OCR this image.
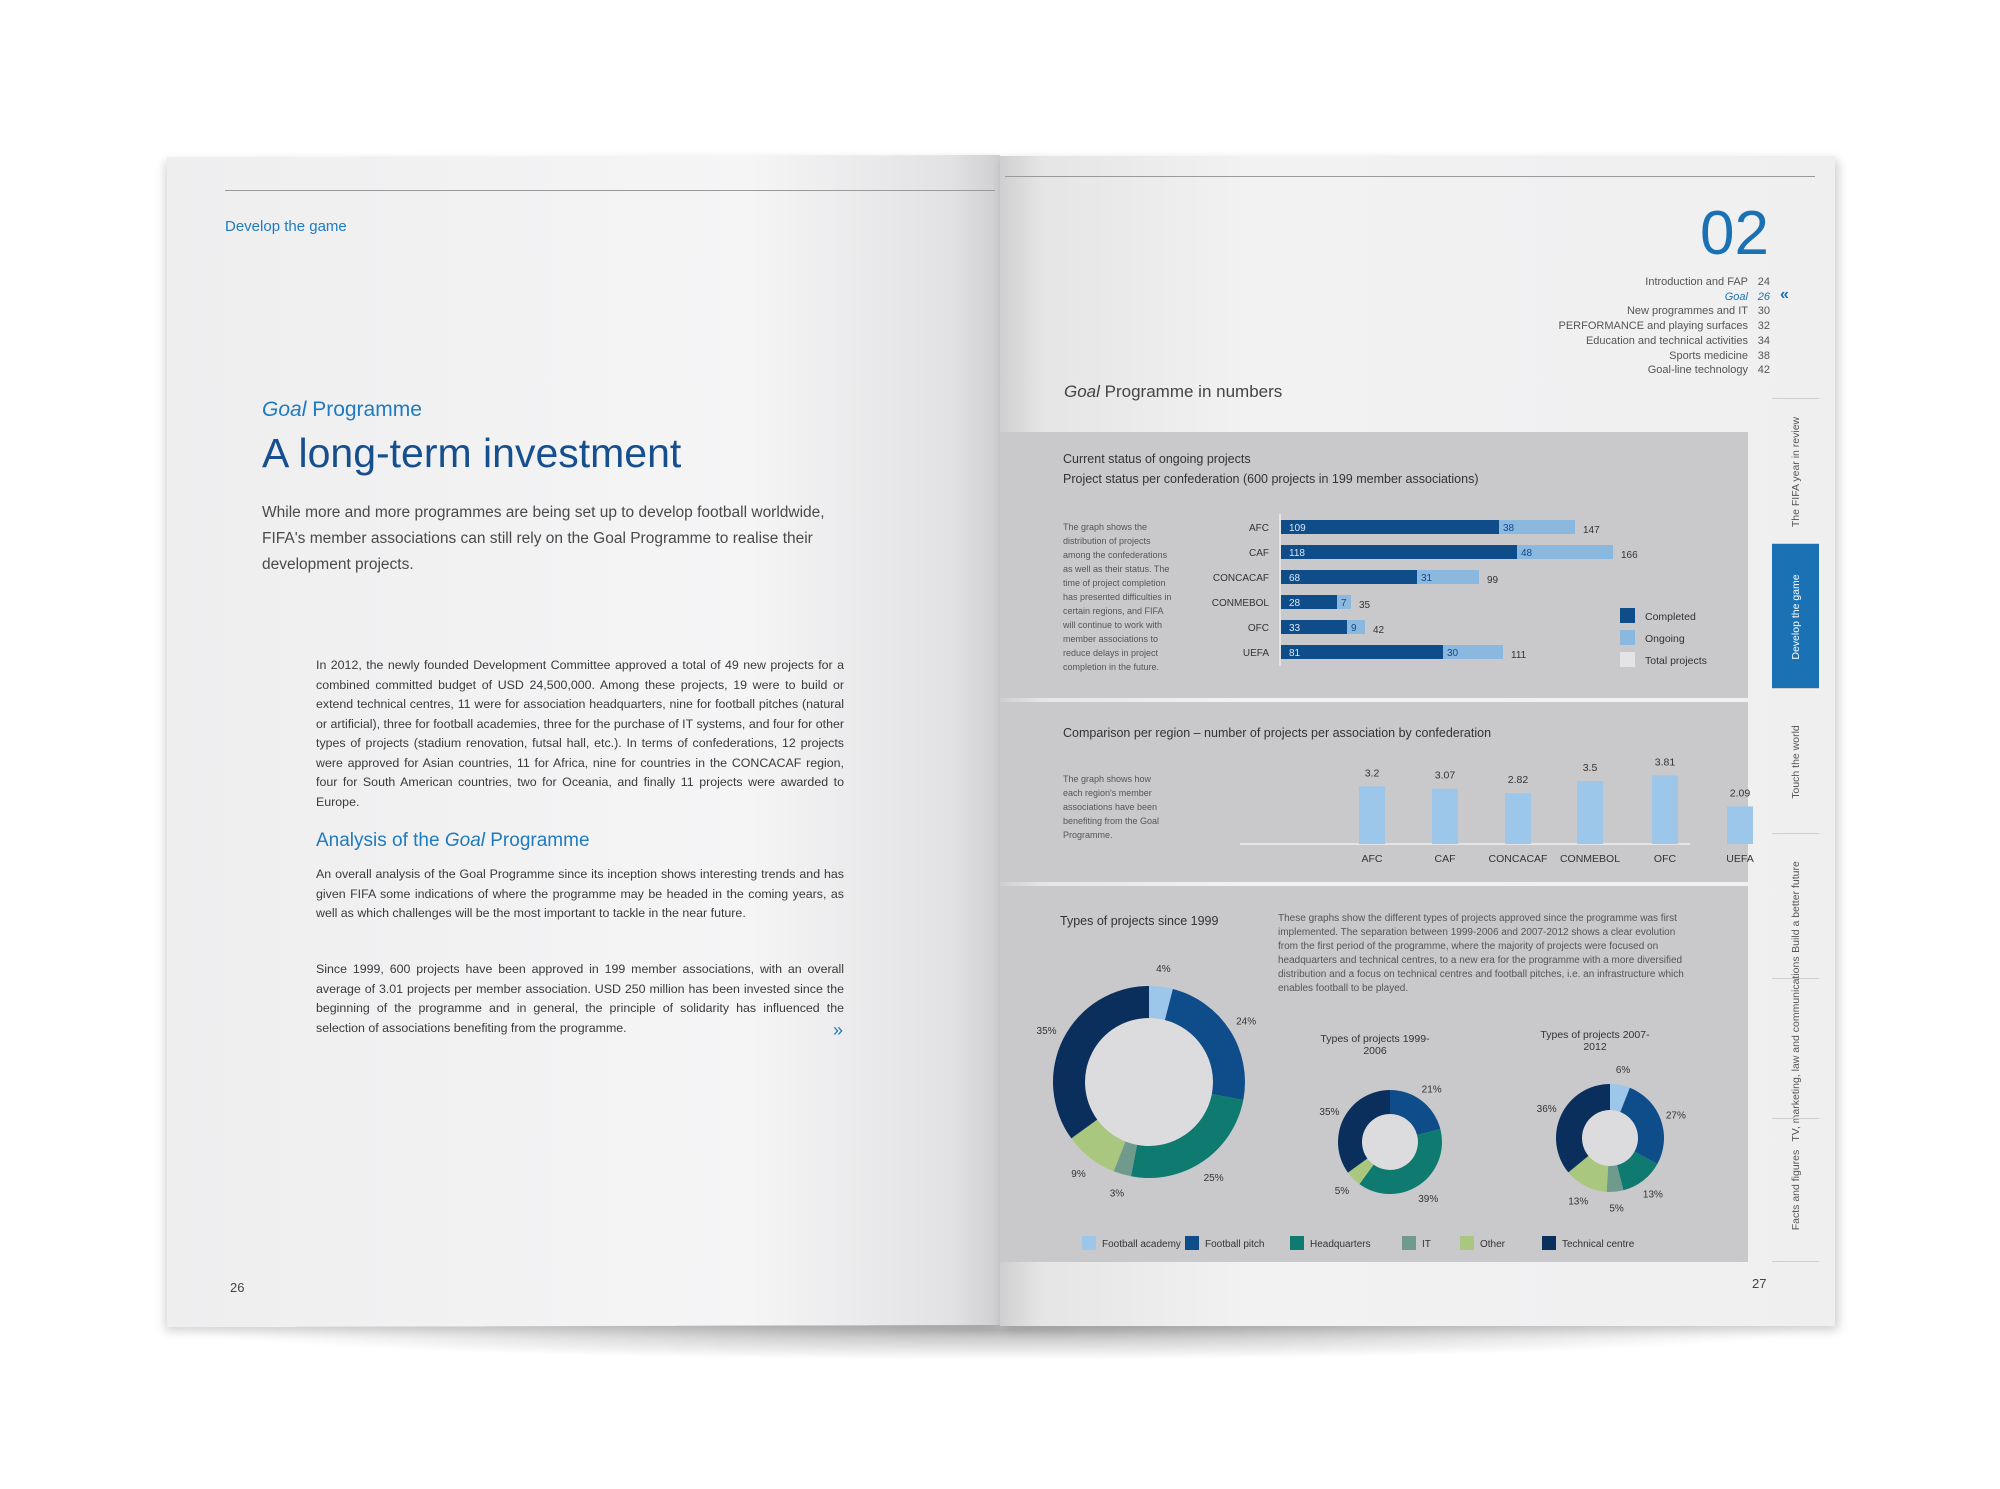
Develop the game
Goal Programme
A long-term investment
While more and more programmes are being set up to develop football worldwide, FIFA's member associations can still rely on the Goal Programme to realise their development projects.
In 2012, the newly founded Development Committee approved a total of 49 new projects for a combined committed budget of USD 24,500,000. Among these projects, 19 were to build or extend technical centres, 11 were for association headquarters, nine for football pitches (natural or artificial), three for football academies, three for the purchase of IT systems, and four for other types of projects (stadium renovation, futsal hall, etc.). In terms of confederations, 12 projects were approved for Asian countries, 11 for Africa, nine for countries in the CONCACAF region, four for South American countries, two for Oceania, and finally 11 projects were awarded to Europe.
Analysis of the Goal Programme
An overall analysis of the Goal Programme since its inception shows interesting trends and has given FIFA some indications of where the programme may be headed in the coming years, as well as which challenges will be the most important to tackle in the near future.
Since 1999, 600 projects have been approved in 199 member associations, with an overall average of 3.01 projects per member association. USD 250 million has been invested since the beginning of the programme and in general, the principle of solidarity has influenced the selection of associations benefiting from the programme.	»
26
02
Introduction and FAP 24
Goal 26
New programmes and IT 30
PERFORMANCE and playing surfaces 32
Education and technical activities 34
Sports medicine 38
Goal-line technology 42
«
The FIFA year in review
Develop the game
Touch the world
Build a better future
TV, marketing, law and communications
Facts and figures
Goal Programme in numbers
Current status of ongoing projects
Project status per confederation (600 projects in 199 member associations)
The graph shows the distribution of projects among the confederations as well as their status. The time of project completion has presented difficulties in certain regions, and FIFA will continue to work with member associations to reduce delays in project completion in the future.
AFC 109	38	147
CAF 118	48	166
CONCACAF 68	31	99
CONMEBOL 28	7 35
OFC 33	9 42
UEFA 81	30	111
Completed
Ongoing
Total projects
Comparison per region – number of projects per association by confederation
The graph shows how each region's member associations have been benefiting from the Goal Programme.
3.2
AFC
3.07
CAF
2.82
CONCACAF
3.5
CONMEBOL
3.81
OFC
2.09
UEFA
Types of projects since 1999	These graphs show the different types of projects approved since the programme was first implemented. The separation between 1999-2006 and 2007-2012 shows a clear evolution from the first period of the programme, where the majority of projects were focused on headquarters and technical centres, to a new era for the programme with a more diversified distribution and a focus on technical centres and football pitches, i.e. an infrastructure which enables football to be played.
Types of projects 1999-2006
Types of projects 2007-2012
4%
24%
25%
3%
9%
35%
21%
39%
5%
35%
6%
27%
13%
5%
13%
36%
Football academy Football pitch	Headquarters	IT	Other	Technical centre
27
